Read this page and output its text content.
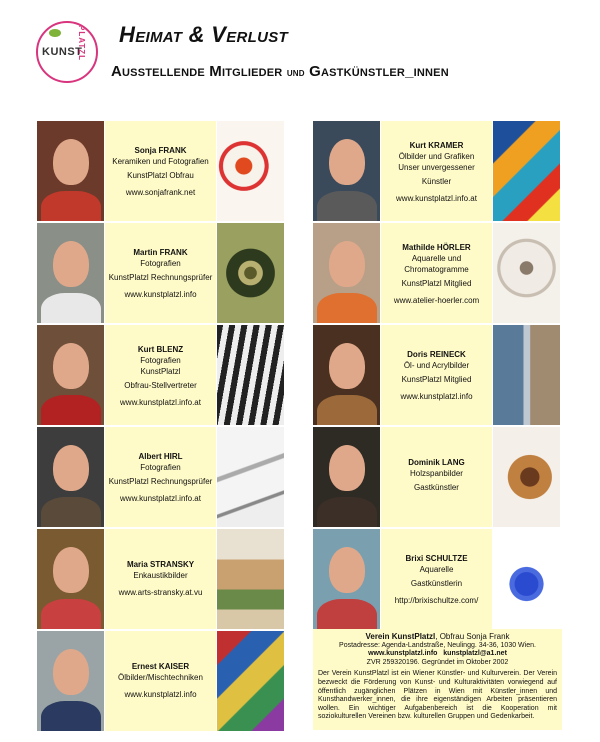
KUNST
PLATZL Heimat & Verlust
Ausstellende Mitglieder und Gastkünstler_innen
Sonja FRANK
Keramiken und Fotografien
KunstPlatzl Obfrau
www.sonjafrank.net
Martin FRANK
Fotografien
KunstPlatzl Rechnungsprüfer
www.kunstplatzl.info
Kurt BLENZ
Fotografien
KunstPlatzl
Obfrau-Stellvertreter
www.kunstplatzl.info.at
Albert HIRL
Fotografien
KunstPlatzl Rechnungsprüfer
www.kunstplatzl.info.at
Maria STRANSKY
Enkaustikbilder
www.arts-stransky.at.vu
Ernest KAISER
Ölbilder/Mischtechniken
www.kunstplatzl.info
Kurt KRAMER
Ölbilder und Grafiken
Unser unvergessener
Künstler
www.kunstplatzl.info.at
Mathilde HÖRLER
Aquarelle und
Chromatogramme
KunstPlatzl Mitglied
www.atelier-hoerler.com
Doris REINECK
Öl- und Acrylbilder
KunstPlatzl Mitglied
www.kunstplatzl.info
Dominik LANG
Holzspanbilder
Gastkünstler
Brixi SCHULTZE
Aquarelle
Gastkünstlerin
http://brixischultze.com/
Verein KunstPlatzl, Obfrau Sonja Frank
Postadresse: Agenda-Landstraße, Neulingg. 34-36, 1030 Wien.
www.kunstplatzl.info kunstplatzl@a1.net
ZVR 259320196. Gegründet im Oktober 2002
Der Verein KunstPlatzl ist ein Wiener Künstler- und Kulturverein. Der Verein bezweckt die Förderung von Kunst- und Kulturaktivitäten vorwiegend auf öffentlich zugänglichen Plätzen in Wien mit Künstler_innen und Kunsthandwerker_innen, die ihre eigenständigen Arbeiten präsentieren wollen. Ein wichtiger Aufgabenbereich ist die Kooperation mit soziokulturellen Vereinen bzw. kulturellen Gruppen und Gedenkarbeit.
